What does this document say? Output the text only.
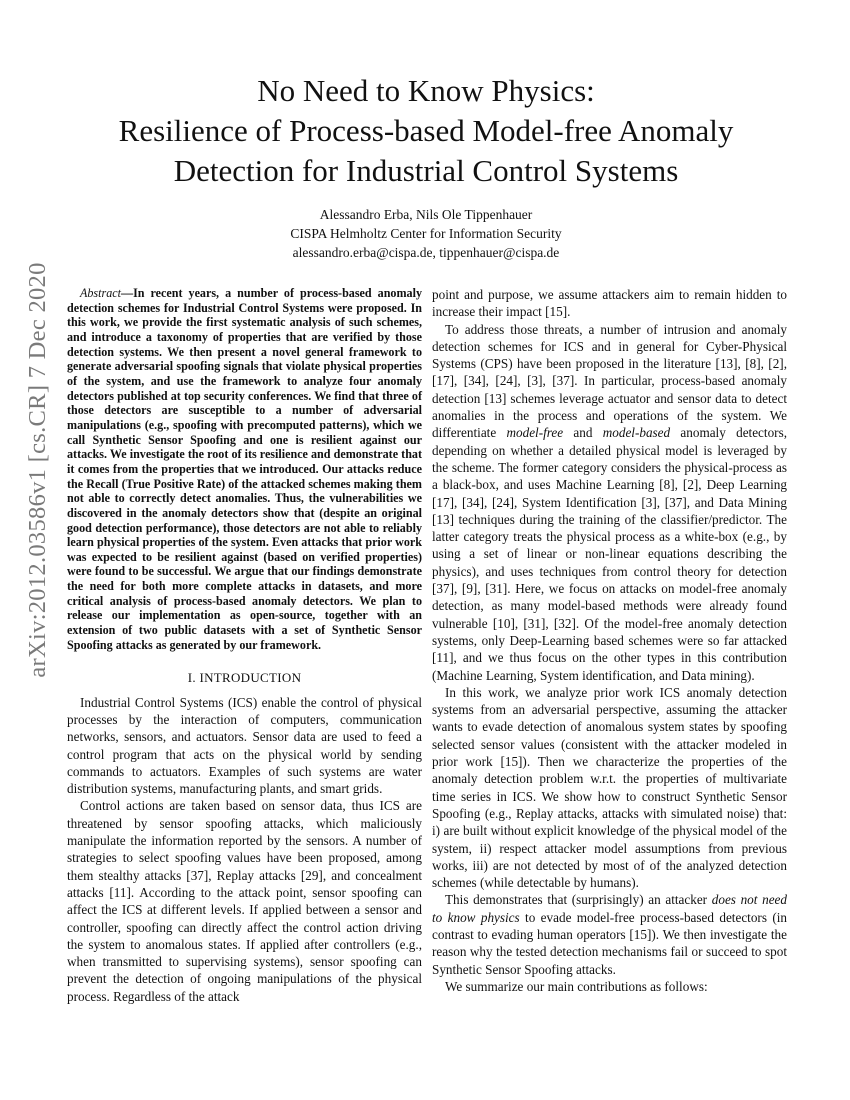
arXiv:2012.03586v1 [cs.CR] 7 Dec 2020
No Need to Know Physics:
Resilience of Process-based Model-free Anomaly
Detection for Industrial Control Systems
Alessandro Erba, Nils Ole Tippenhauer
CISPA Helmholtz Center for Information Security
alessandro.erba@cispa.de, tippenhauer@cispa.de

Abstract—In recent years, a number of process-based anomaly detection schemes for Industrial Control Systems were proposed. In this work, we provide the first systematic analysis of such schemes, and introduce a taxonomy of properties that are verified by those detection systems. We then present a novel general framework to generate adversarial spoofing signals that violate physical properties of the system, and use the framework to analyze four anomaly detectors published at top security conferences. We find that three of those detectors are susceptible to a number of adversarial manipulations (e.g., spoofing with precomputed patterns), which we call Synthetic Sensor Spoofing and one is resilient against our attacks. We investigate the root of its resilience and demonstrate that it comes from the properties that we introduced. Our attacks reduce the Recall (True Positive Rate) of the attacked schemes making them not able to correctly detect anomalies. Thus, the vulnerabilities we discovered in the anomaly detectors show that (despite an original good detection performance), those detectors are not able to reliably learn physical properties of the system. Even attacks that prior work was expected to be resilient against (based on verified properties) were found to be successful. We argue that our findings demonstrate the need for both more complete attacks in datasets, and more critical analysis of process-based anomaly detectors. We plan to release our implementation as open-source, together with an extension of two public datasets with a set of Synthetic Sensor Spoofing attacks as generated by our framework.

I. INTRODUCTION

Industrial Control Systems (ICS) enable the control of physical processes by the interaction of computers, communication networks, sensors, and actuators. Sensor data are used to feed a control program that acts on the physical world by sending commands to actuators. Examples of such systems are water distribution systems, manufacturing plants, and smart grids.

Control actions are taken based on sensor data, thus ICS are threatened by sensor spoofing attacks, which maliciously manipulate the information reported by the sensors. A number of strategies to select spoofing values have been proposed, among them stealthy attacks [37], Replay attacks [29], and concealment attacks [11]. According to the attack point, sensor spoofing can affect the ICS at different levels. If applied between a sensor and controller, spoofing can directly affect the control action driving the system to anomalous states. If applied after controllers (e.g., when transmitted to supervising systems), sensor spoofing can prevent the detection of ongoing manipulations of the physical process. Regardless of the attack

point and purpose, we assume attackers aim to remain hidden to increase their impact [15].

To address those threats, a number of intrusion and anomaly detection schemes for ICS and in general for Cyber-Physical Systems (CPS) have been proposed in the literature [13], [8], [2], [17], [34], [24], [3], [37]. In particular, process-based anomaly detection [13] schemes leverage actuator and sensor data to detect anomalies in the process and operations of the system. We differentiate model-free and model-based anomaly detectors, depending on whether a detailed physical model is leveraged by the scheme. The former category considers the physical-process as a black-box, and uses Machine Learning [8], [2], Deep Learning [17], [34], [24], System Identification [3], [37], and Data Mining [13] techniques during the training of the classifier/predictor. The latter category treats the physical process as a white-box (e.g., by using a set of linear or non-linear equations describing the physics), and uses techniques from control theory for detection [37], [9], [31]. Here, we focus on attacks on model-free anomaly detection, as many model-based methods were already found vulnerable [10], [31], [32]. Of the model-free anomaly detection systems, only Deep-Learning based schemes were so far attacked [11], and we thus focus on the other types in this contribution (Machine Learning, System identification, and Data mining).

In this work, we analyze prior work ICS anomaly detection systems from an adversarial perspective, assuming the attacker wants to evade detection of anomalous system states by spoofing selected sensor values (consistent with the attacker modeled in prior work [15]). Then we characterize the properties of the anomaly detection problem w.r.t. the properties of multivariate time series in ICS. We show how to construct Synthetic Sensor Spoofing (e.g., Replay attacks, attacks with simulated noise) that: i) are built without explicit knowledge of the physical model of the system, ii) respect attacker model assumptions from previous works, iii) are not detected by most of of the analyzed detection schemes (while detectable by humans).

This demonstrates that (surprisingly) an attacker does not need to know physics to evade model-free process-based detectors (in contrast to evading human operators [15]). We then investigate the reason why the tested detection mechanisms fail or succeed to spot Synthetic Sensor Spoofing attacks.

We summarize our main contributions as follows:
